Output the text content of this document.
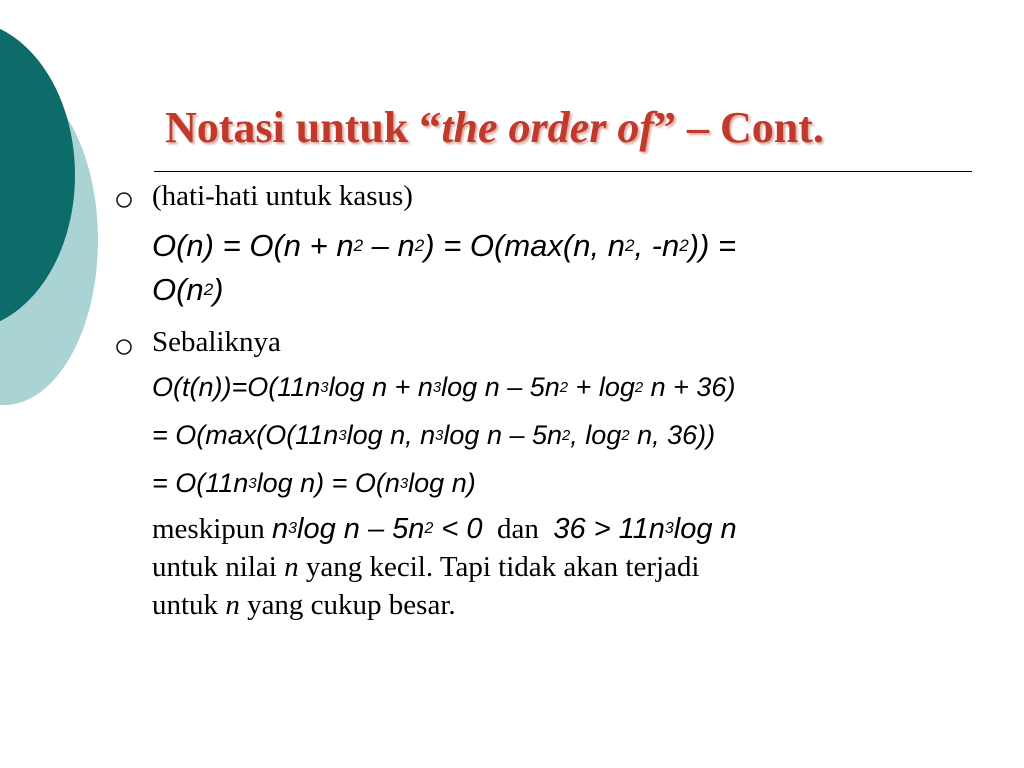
Notasi untuk “the order of” – Cont.
(hati-hati untuk kasus)
$O(n) = O(n + n^2 - n^2) = O(\max(n$, $n^2$, $-n^2$)) =
$O(n^2)$
Sebaliknya
$O(t(n))=O(11n^3\log$ $n + n^3\log$ $n - 5n^2 + \log^2 n + 36$)
= $O(\max(O(11n^3\log$ n, $n^3\log$ n – $5n^2$, $\log^2 n$, 36))
= $O(11n^3\log$ $n) = O(n^3\log$ n)
meskipun $n^3\log$ $n - 5n^2 < 0$  dan  $36 > 11n^3\log$ n
untuk nilai n yang kecil. Tapi tidak akan terjadi
untuk n yang cukup besar.
